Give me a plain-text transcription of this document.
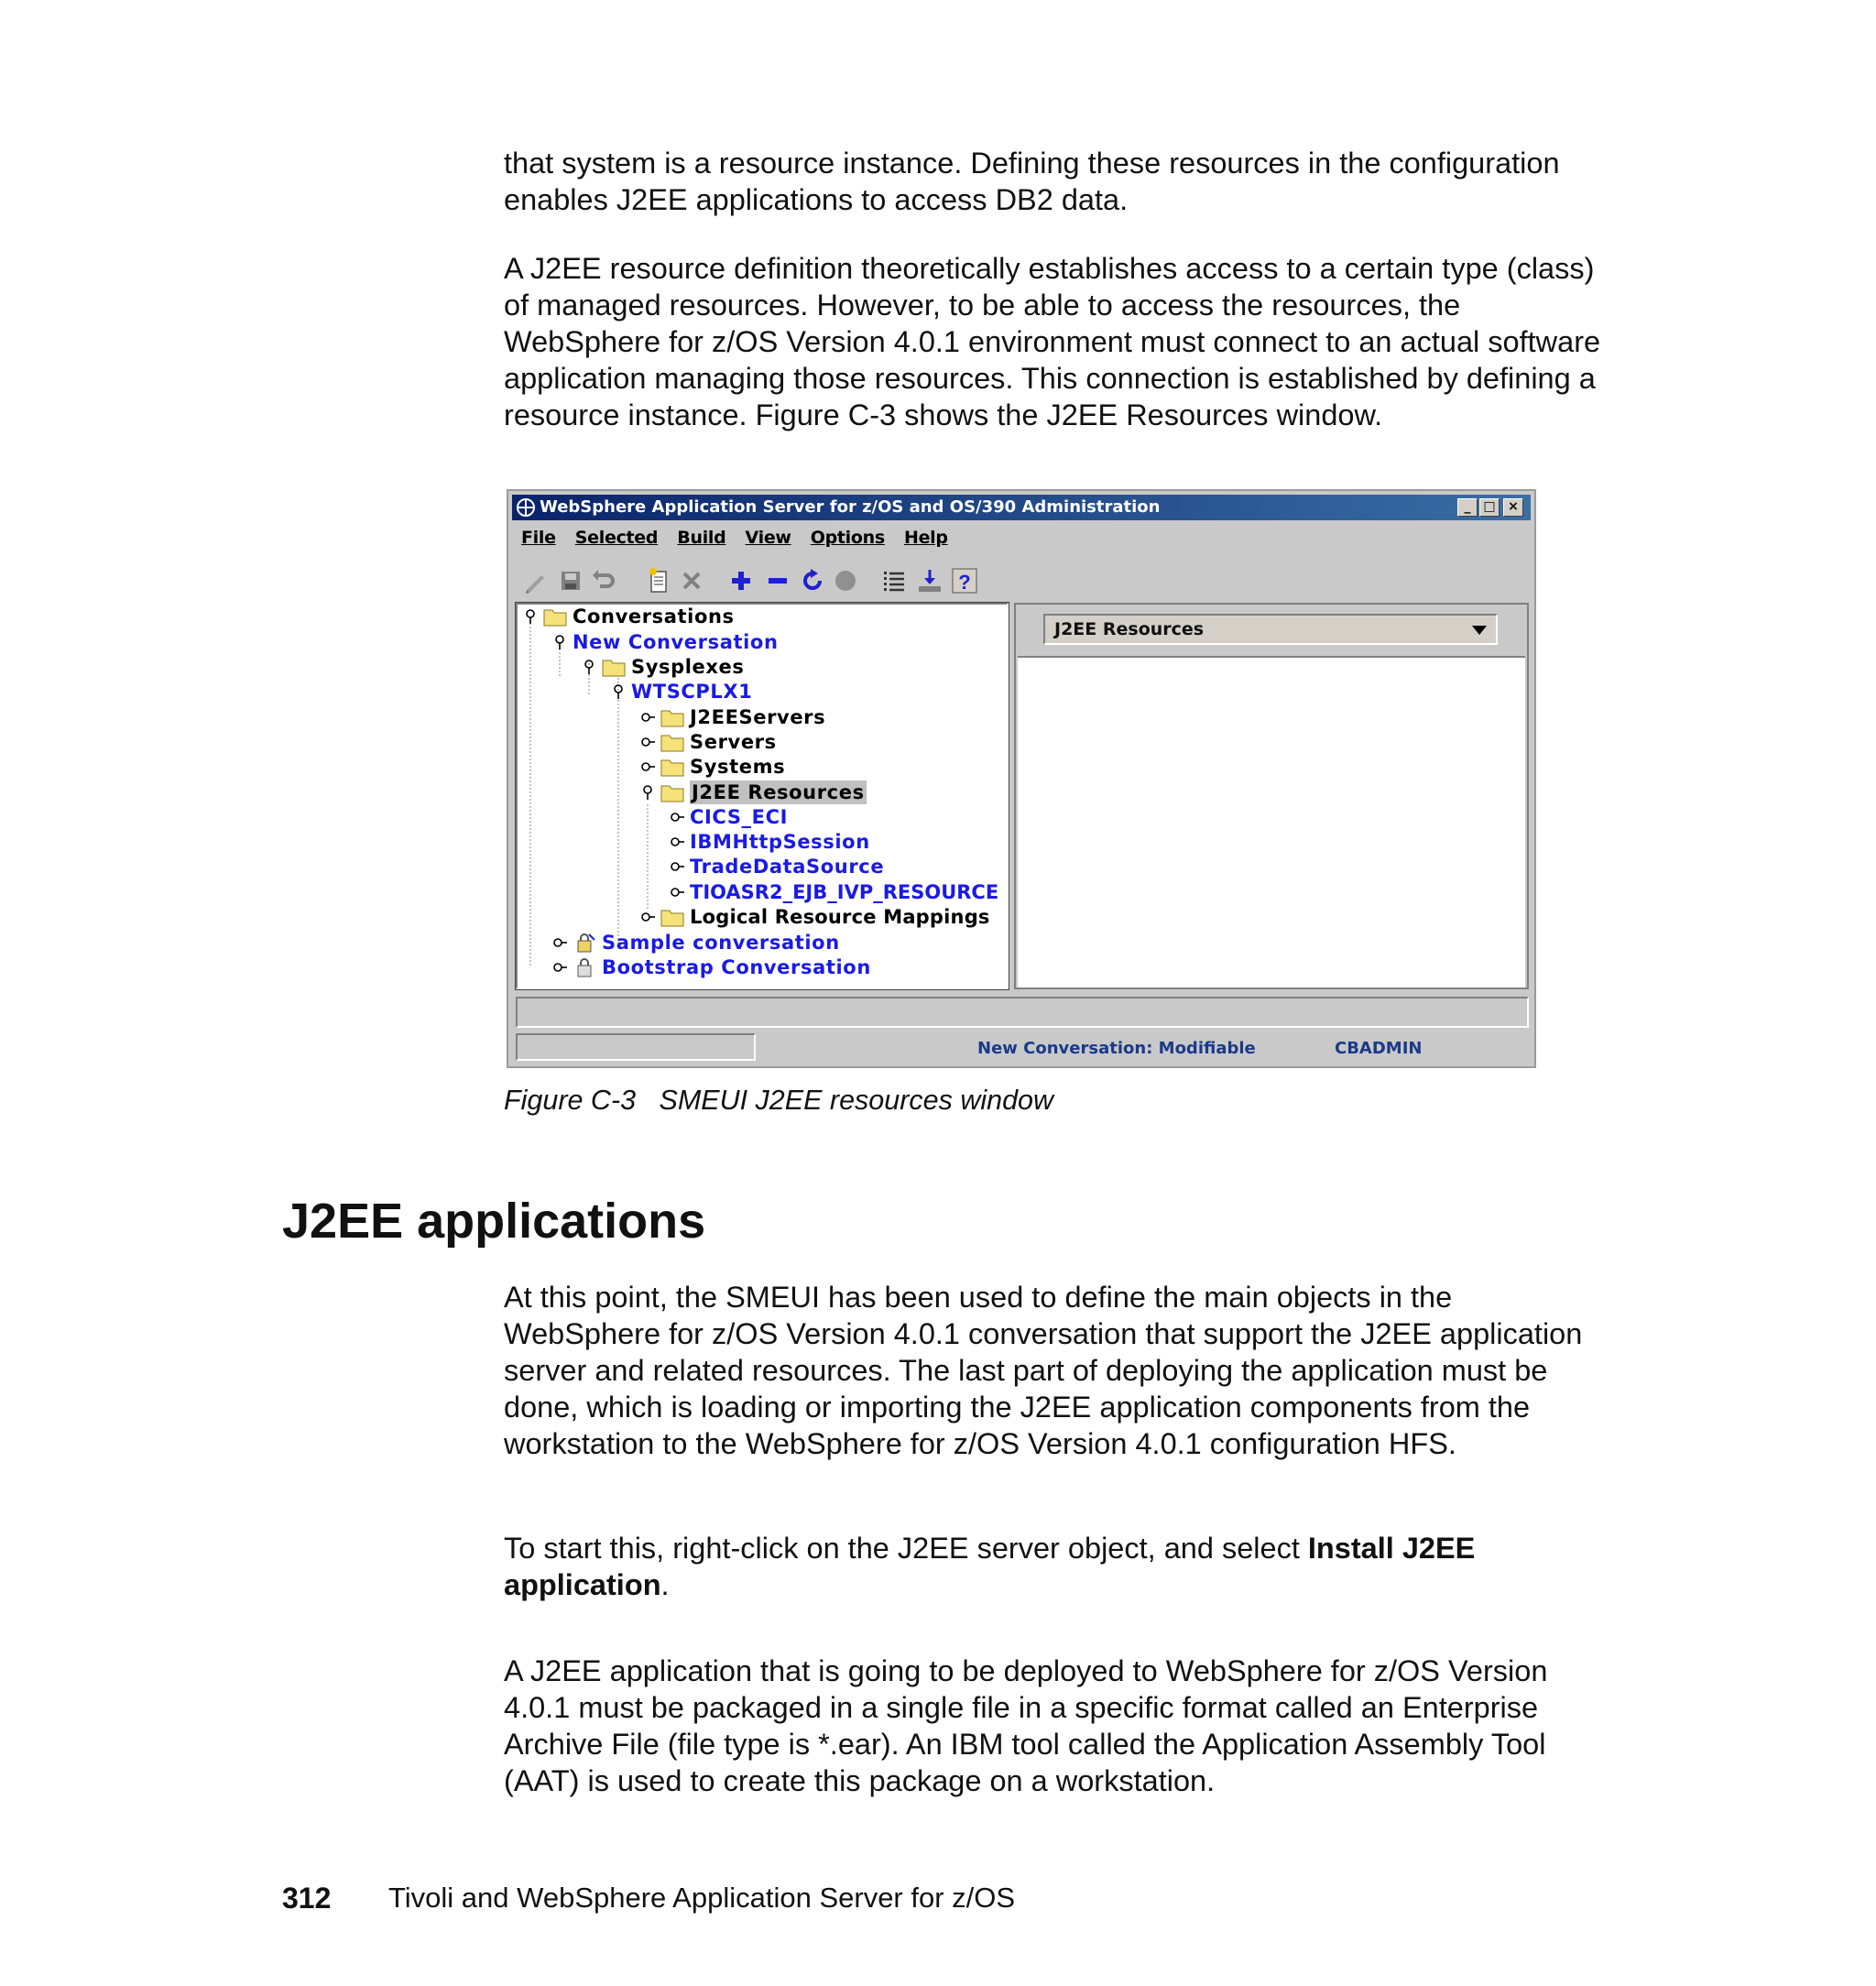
that system is a resource instance. Defining these resources in the configuration enables J2EE applications to access DB2 data.

A J2EE resource definition theoretically establishes access to a certain type (class) of managed resources. However, to be able to access the resources, the WebSphere for z/OS Version 4.0.1 environment must connect to an actual software application managing those resources. This connection is established by defining a resource instance. Figure C-3 shows the J2EE Resources window.

WebSphere Application Server for z/OS and OS/390 Administration	_ □ ×
File Selected Build View Options Help
?
Conversations
New Conversation
Sysplexes
WTSCPLX1
J2EEServers
Servers
Systems
J2EE Resources
CICS_ECI
IBMHttpSession
TradeDataSource
TIOASR2_EJB_IVP_RESOURCE
Logical Resource Mappings
Sample conversation
Bootstrap Conversation
J2EE Resources
New Conversation: Modifiable	CBADMIN
Figure C-3   SMEUI J2EE resources window
J2EE applications

At this point, the SMEUI has been used to define the main objects in the WebSphere for z/OS Version 4.0.1 conversation that support the J2EE application server and related resources. The last part of deploying the application must be done, which is loading or importing the J2EE application components from the workstation to the WebSphere for z/OS Version 4.0.1 configuration HFS.

To start this, right-click on the J2EE server object, and select Install J2EE application.

A J2EE application that is going to be deployed to WebSphere for z/OS Version 4.0.1 must be packaged in a single file in a specific format called an Enterprise Archive File (file type is *.ear). An IBM tool called the Application Assembly Tool (AAT) is used to create this package on a workstation.

312 Tivoli and WebSphere Application Server for z/OS
